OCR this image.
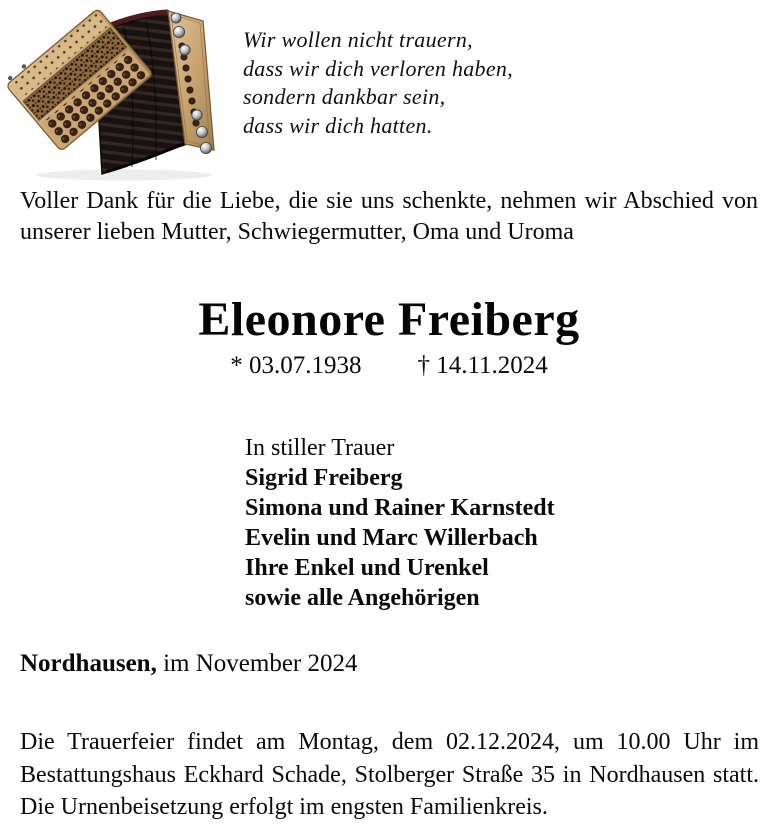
Wir wollen nicht trauern,
dass wir dich verloren haben,
sondern dankbar sein,
dass wir dich hatten.
Voller Dank für die Liebe, die sie uns schenkte, nehmen wir Abschied von
unserer lieben Mutter, Schwiegermutter, Oma und Uroma
Eleonore Freiberg
* 03.07.1938 † 14.11.2024
In stiller Trauer
Sigrid Freiberg
Simona und Rainer Karnstedt
Evelin und Marc Willerbach
Ihre Enkel und Urenkel
sowie alle Angehörigen
Nordhausen, im November 2024
Die Trauerfeier findet am Montag, dem 02.12.2024, um 10.00 Uhr im
Bestattungshaus Eckhard Schade, Stolberger Straße 35 in Nordhausen statt.
Die Urnenbeisetzung erfolgt im engsten Familienkreis.
